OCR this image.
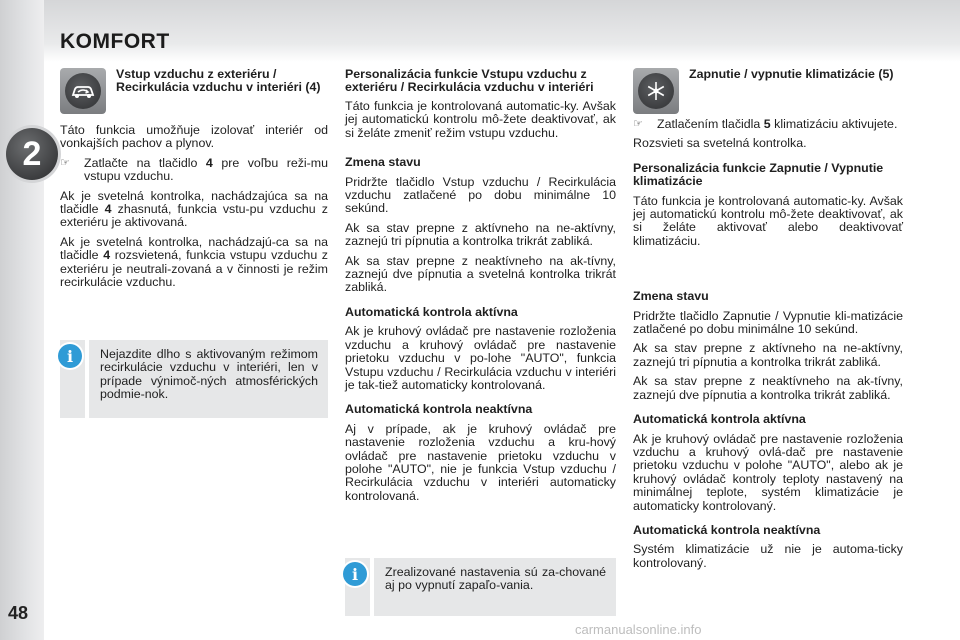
KOMFORT
2
48
Vstup vzduchu z exteriéru / Recirkulácia vzduchu v interiéri (4)

Táto funkcia umožňuje izolovať interiér od vonkajších pachov a plynov.

☞	Zatlačte na tlačidlo 4 pre voľbu reži-mu vstupu vzduchu.

Ak je svetelná kontrolka, nachádzajúca sa na tlačidle 4 zhasnutá, funkcia vstu-pu vzduchu z exteriéru je aktivovaná.

Ak je svetelná kontrolka, nachádzajú-ca sa na tlačidle 4 rozsvietená, funkcia vstupu vzduchu z exteriéru je neutrali-zovaná a v činnosti je režim recirkulácie vzduchu.

Nejazdite dlho s aktivovaným režimom recirkulácie vzduchu v interiéri, len v prípade výnimoč-ných atmosférických podmie-nok.
i

Personalizácia funkcie Vstupu vzduchu z exteriéru / Recirkulácia vzduchu v interiéri

Táto funkcia je kontrolovaná automatic-ky. Avšak jej automatickú kontrolu mô-žete deaktivovať, ak si želáte zmeniť režim vstupu vzduchu.

Zmena stavu

Pridržte tlačidlo Vstup vzduchu / Recirkulácia vzduchu zatlačené po dobu minimálne 10 sekúnd.

Ak sa stav prepne z aktívneho na ne-aktívny, zaznejú tri pípnutia a kontrolka trikrát zabliká.

Ak sa stav prepne z neaktívneho na ak-tívny, zaznejú dve pípnutia a svetelná kontrolka trikrát zabliká.

Automatická kontrola aktívna

Ak je kruhový ovládač pre nastavenie rozloženia vzduchu a kruhový ovládač pre nastavenie prietoku vzduchu v po-lohe "AUTO", funkcia Vstupu vzduchu / Recirkulácia vzduchu v interiéri je tak-tiež automaticky kontrolovaná.

Automatická kontrola neaktívna

Aj v prípade, ak je kruhový ovládač pre nastavenie rozloženia vzduchu a kru-hový ovládač pre nastavenie prietoku vzduchu v polohe "AUTO", nie je funkcia Vstup vzduchu / Recirkulácia vzduchu v interiéri automaticky kontrolovaná.

Zrealizované nastavenia sú za-chované aj po vypnutí zapaľo-vania.
i
Zapnutie / vypnutie klimatizácie (5)
☞	Zatlačením tlačidla 5 klimatizáciu aktivujete.

Rozsvieti sa svetelná kontrolka.

Personalizácia funkcie Zapnutie / Vypnutie klimatizácie

Táto funkcia je kontrolovaná automatic-ky. Avšak jej automatickú kontrolu mô-žete deaktivovať, ak si želáte aktivovať alebo deaktivovať klimatizáciu.

Zmena stavu

Pridržte tlačidlo Zapnutie / Vypnutie kli-matizácie zatlačené po dobu minimálne 10 sekúnd.

Ak sa stav prepne z aktívneho na ne-aktívny, zaznejú tri pípnutia a kontrolka trikrát zabliká.

Ak sa stav prepne z neaktívneho na ak-tívny, zaznejú dve pípnutia a kontrolka trikrát zabliká.

Automatická kontrola aktívna

Ak je kruhový ovládač pre nastavenie rozloženia vzduchu a kruhový ovlá-dač pre nastavenie prietoku vzduchu v polohe "AUTO", alebo ak je kruhový ovládač kontroly teploty nastavený na minimálnej teplote, systém klimatizácie je automaticky kontrolovaný.

Automatická kontrola neaktívna

Systém klimatizácie už nie je automa-ticky kontrolovaný.

carmanualsonline.info
